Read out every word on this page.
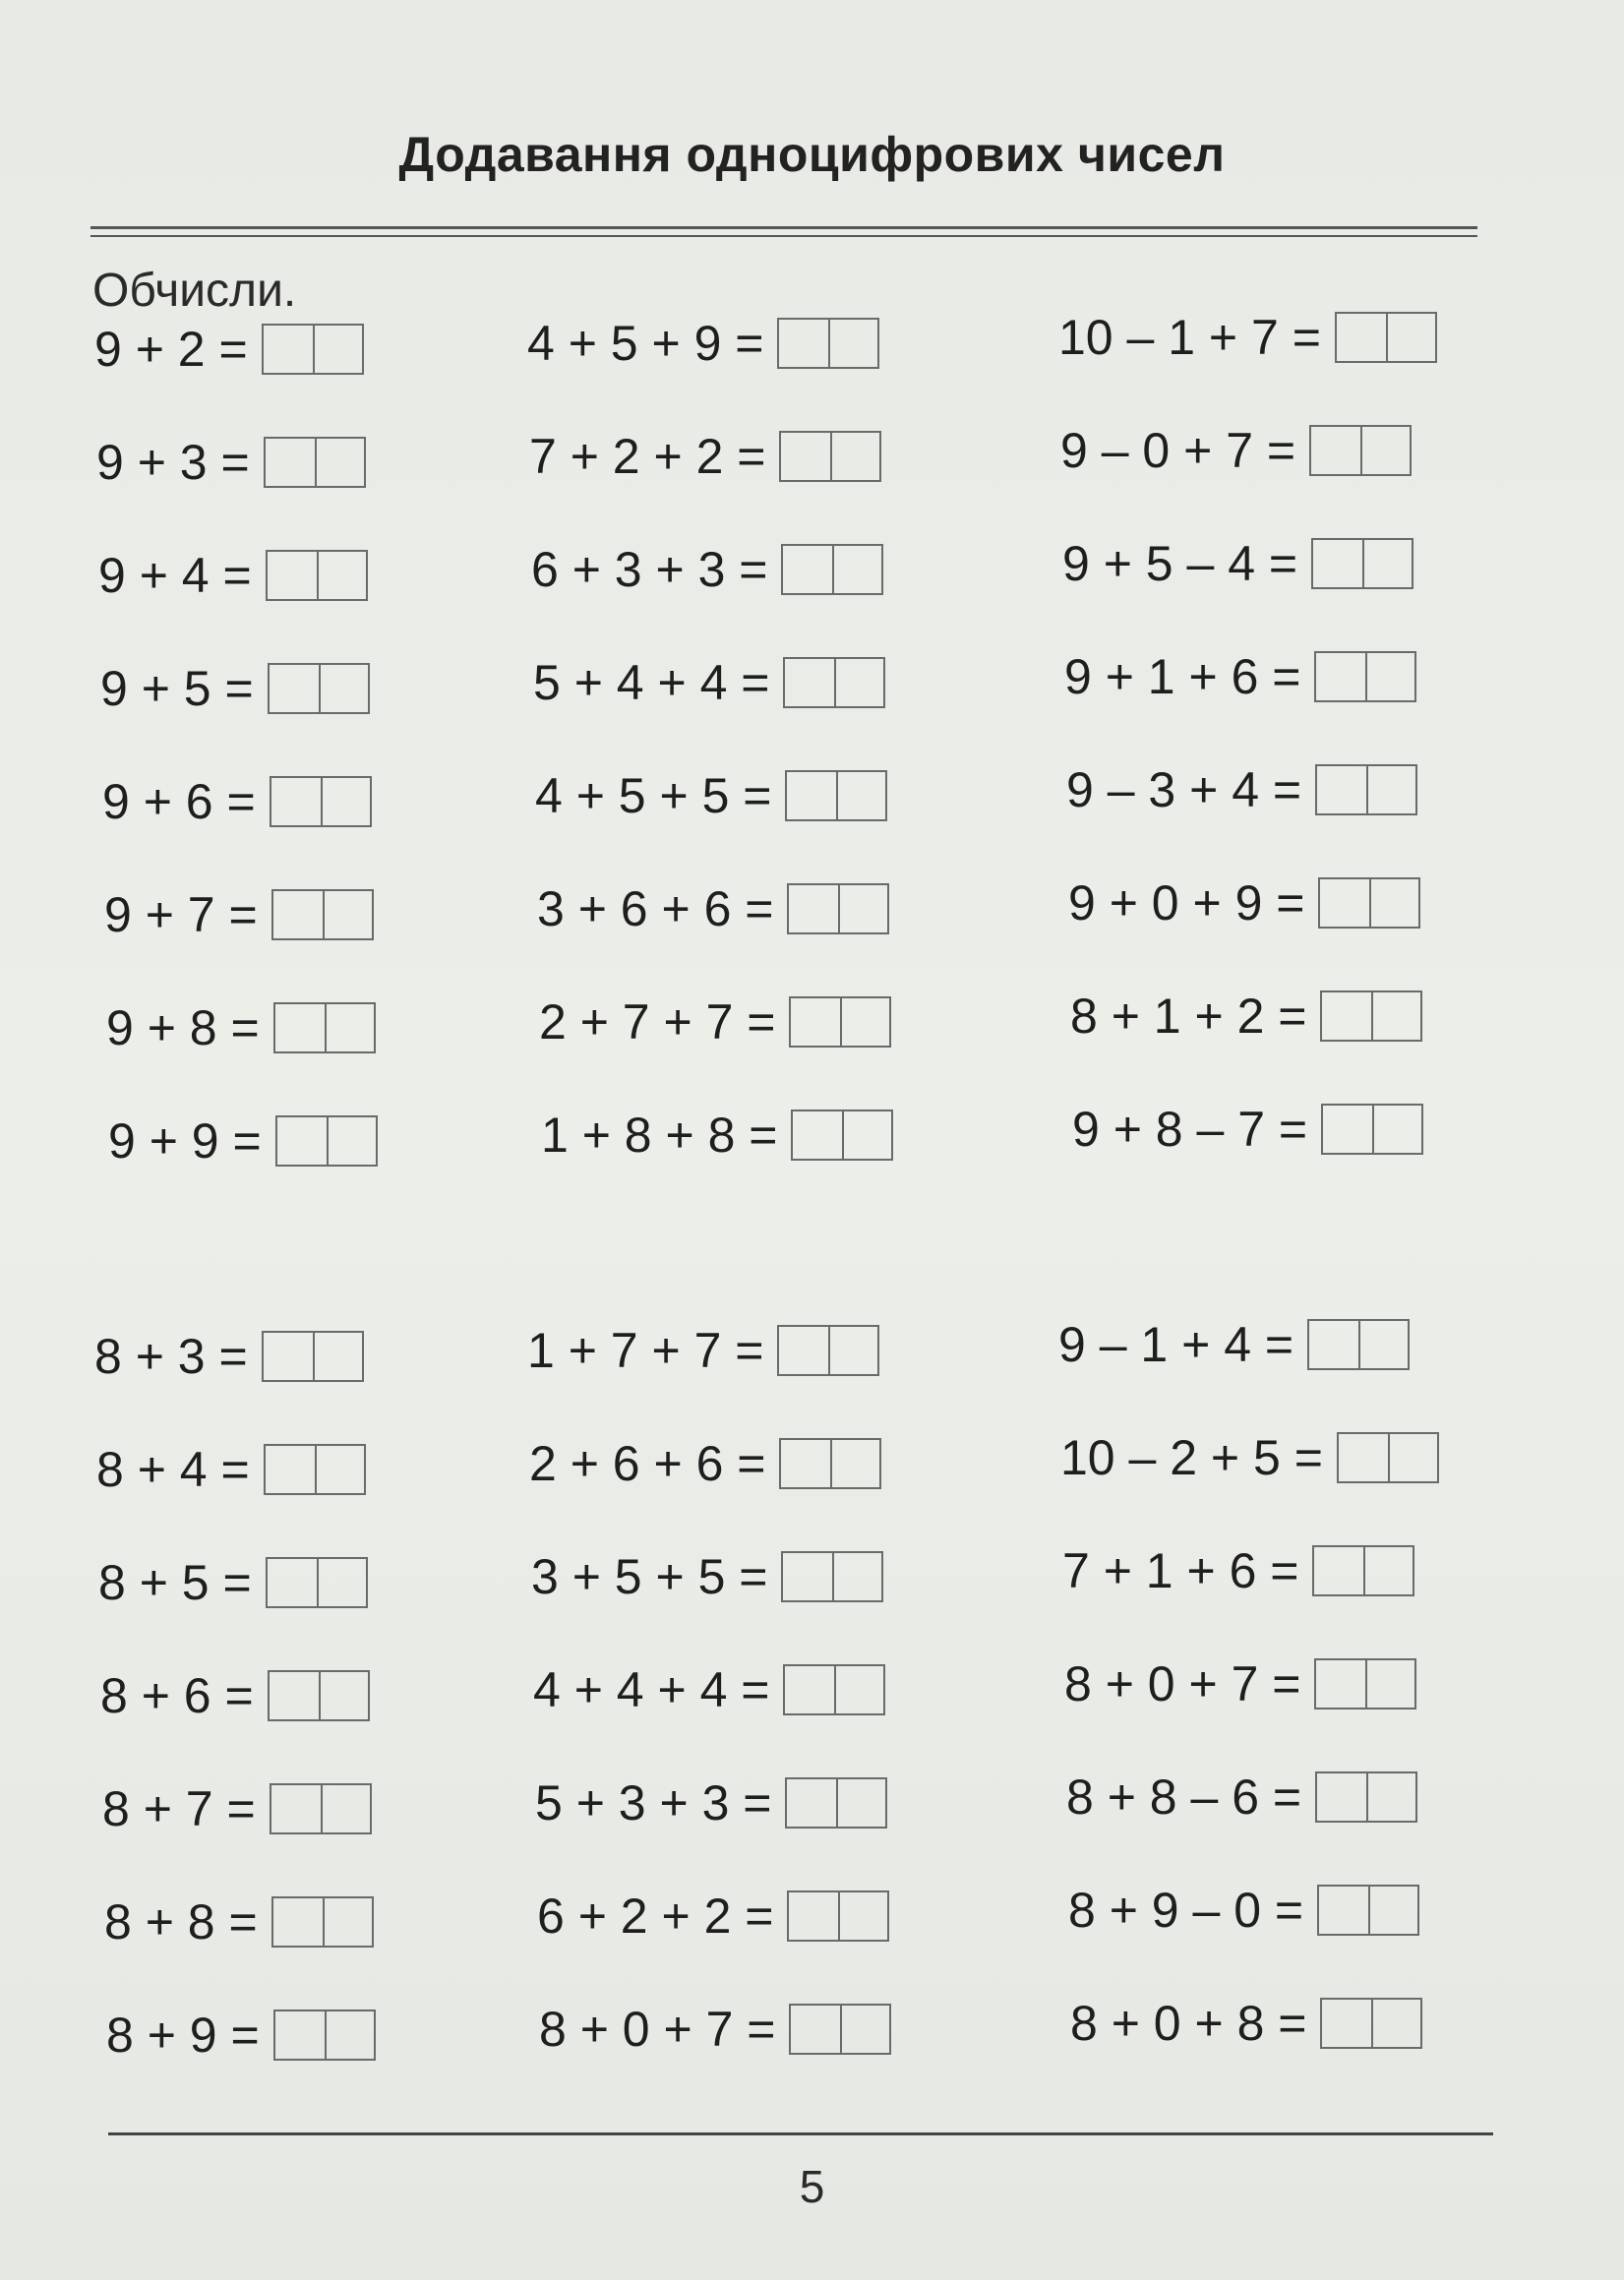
Додавання одноцифрових чисел
Обчисли.
9 + 2 =
9 + 3 =
9 + 4 =
9 + 5 =
9 + 6 =
9 + 7 =
9 + 8 =
9 + 9 =
4 + 5 + 9 =
7 + 2 + 2 =
6 + 3 + 3 =
5 + 4 + 4 =
4 + 5 + 5 =
3 + 6 + 6 =
2 + 7 + 7 =
1 + 8 + 8 =
10 – 1 + 7 =
9 – 0 + 7 =
9 + 5 – 4 =
9 + 1 + 6 =
9 – 3 + 4 =
9 + 0 + 9 =
8 + 1 + 2 =
9 + 8 – 7 =
8 + 3 =
8 + 4 =
8 + 5 =
8 + 6 =
8 + 7 =
8 + 8 =
8 + 9 =
1 + 7 + 7 =
2 + 6 + 6 =
3 + 5 + 5 =
4 + 4 + 4 =
5 + 3 + 3 =
6 + 2 + 2 =
8 + 0 + 7 =
9 – 1 + 4 =
10 – 2 + 5 =
7 + 1 + 6 =
8 + 0 + 7 =
8 + 8 – 6 =
8 + 9 – 0 =
8 + 0 + 8 =
5
